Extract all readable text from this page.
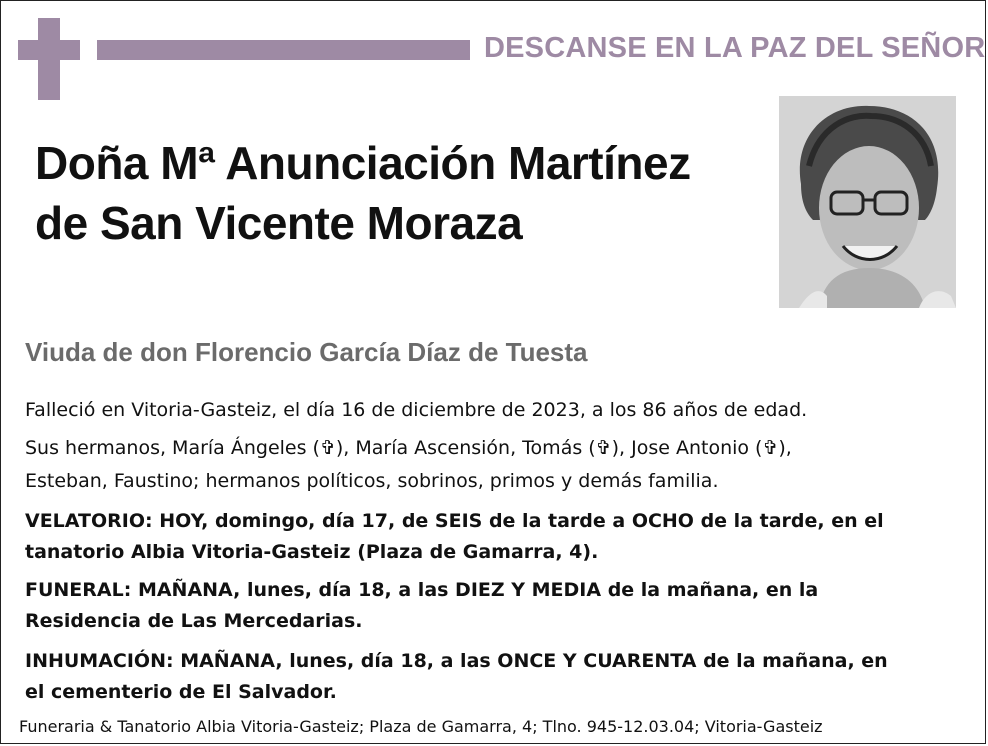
DESCANSE EN LA PAZ DEL SEÑOR
Doña Mª Anunciación Martínez
de San Vicente Moraza
Viuda de don Florencio García Díaz de Tuesta
Falleció en Vitoria-Gasteiz, el día 16 de diciembre de 2023, a los 86 años de edad.
Sus hermanos, María Ángeles (✞), María Ascensión, Tomás (✞), Jose Antonio (✞),
Esteban, Faustino; hermanos políticos, sobrinos, primos y demás familia.
VELATORIO: HOY, domingo, día 17, de SEIS de la tarde a OCHO de la tarde, en el
tanatorio Albia Vitoria-Gasteiz (Plaza de Gamarra, 4).
FUNERAL: MAÑANA, lunes, día 18, a las DIEZ Y MEDIA de la mañana, en la
Residencia de Las Mercedarias.
INHUMACIÓN: MAÑANA, lunes, día 18, a las ONCE Y CUARENTA de la mañana, en
el cementerio de El Salvador.
Funeraria & Tanatorio Albia Vitoria-Gasteiz; Plaza de Gamarra, 4; Tlno. 945-12.03.04; Vitoria-Gasteiz
